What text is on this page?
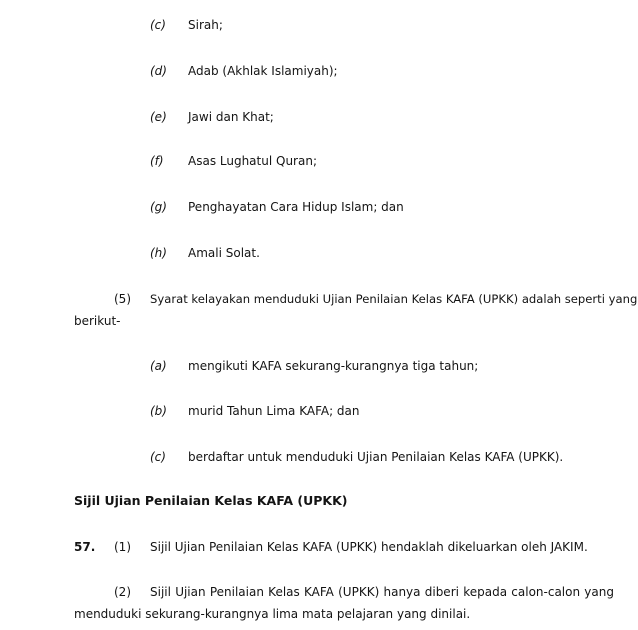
(c) Sirah;
(d) Adab (Akhlak Islamiyah);
(e) Jawi dan Khat;
(f) Asas Lughatul Quran;
(g) Penghayatan Cara Hidup Islam; dan
(h) Amali Solat.
(5) Syarat kelayakan menduduki Ujian Penilaian Kelas KAFA (UPKK) adalah seperti yang
berikut-
(a) mengikuti KAFA sekurang-kurangnya tiga tahun;
(b) murid Tahun Lima KAFA; dan
(c) berdaftar untuk menduduki Ujian Penilaian Kelas KAFA (UPKK).
Sijil Ujian Penilaian Kelas KAFA (UPKK)
57. (1) Sijil Ujian Penilaian Kelas KAFA (UPKK) hendaklah dikeluarkan oleh JAKIM.
(2) Sijil Ujian Penilaian Kelas KAFA (UPKK) hanya diberi kepada calon-calon yang
menduduki sekurang-kurangnya lima mata pelajaran yang dinilai.
